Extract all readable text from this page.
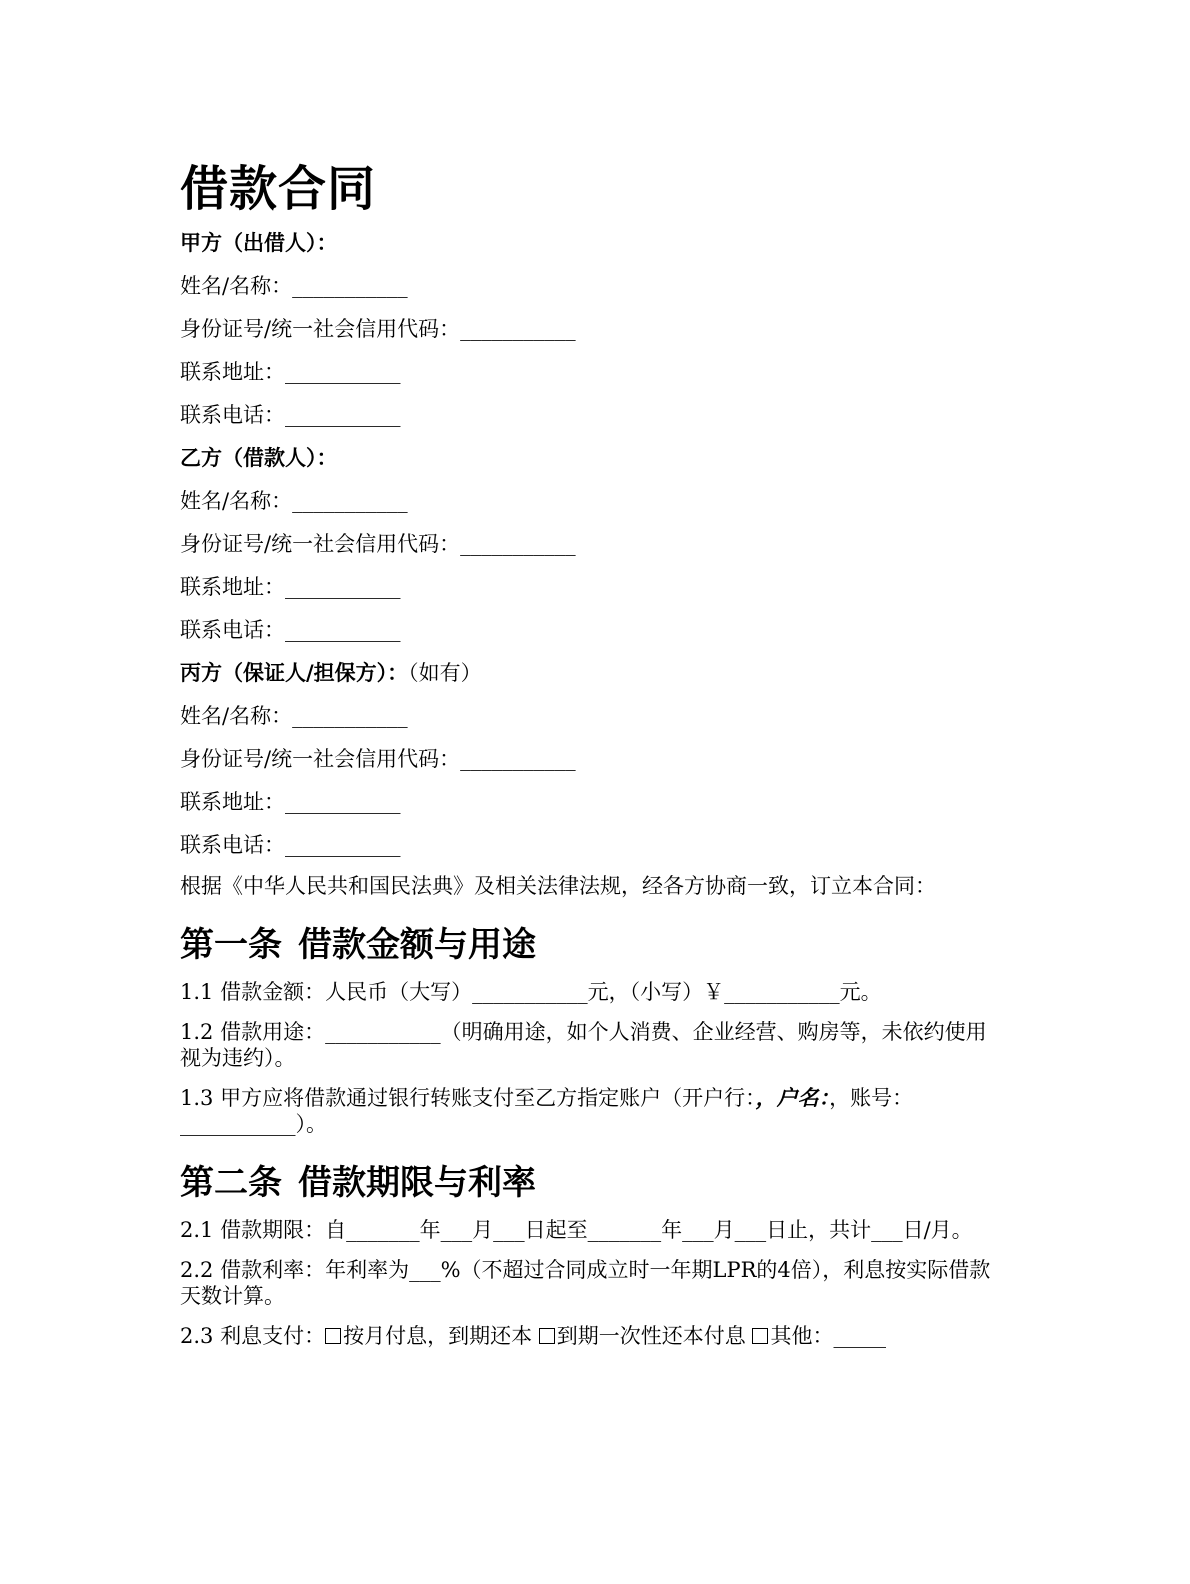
借款合同
甲方（出借人）：
姓名/名称：___________
身份证号/统一社会信用代码：___________
联系地址：___________
联系电话：___________
乙方（借款人）：
姓名/名称：___________
身份证号/统一社会信用代码：___________
联系地址：___________
联系电话：___________
丙方（保证人/担保方）：（如有）
姓名/名称：___________
身份证号/统一社会信用代码：___________
联系地址：___________
联系电话：___________
根据《中华人民共和国民法典》及相关法律法规，经各方协商一致，订立本合同：
第一条 借款金额与用途
1.1 借款金额：人民币（大写）___________元，（小写）￥___________元。
1.2 借款用途：___________（明确用途，如个人消费、企业经营、购房等，未依约使用视为违约）。
1.3 甲方应将借款通过银行转账支付至乙方指定账户（开户行：，户名：，账号：___________）。
第二条 借款期限与利率
2.1 借款期限：自_______年___月___日起至_______年___月___日止，共计___日/月。
2.2 借款利率：年利率为___%（不超过合同成立时一年期LPR的4倍），利息按实际借款天数计算。
2.3 利息支付： 按月付息，到期还本 到期一次性还本付息 其他：_____
